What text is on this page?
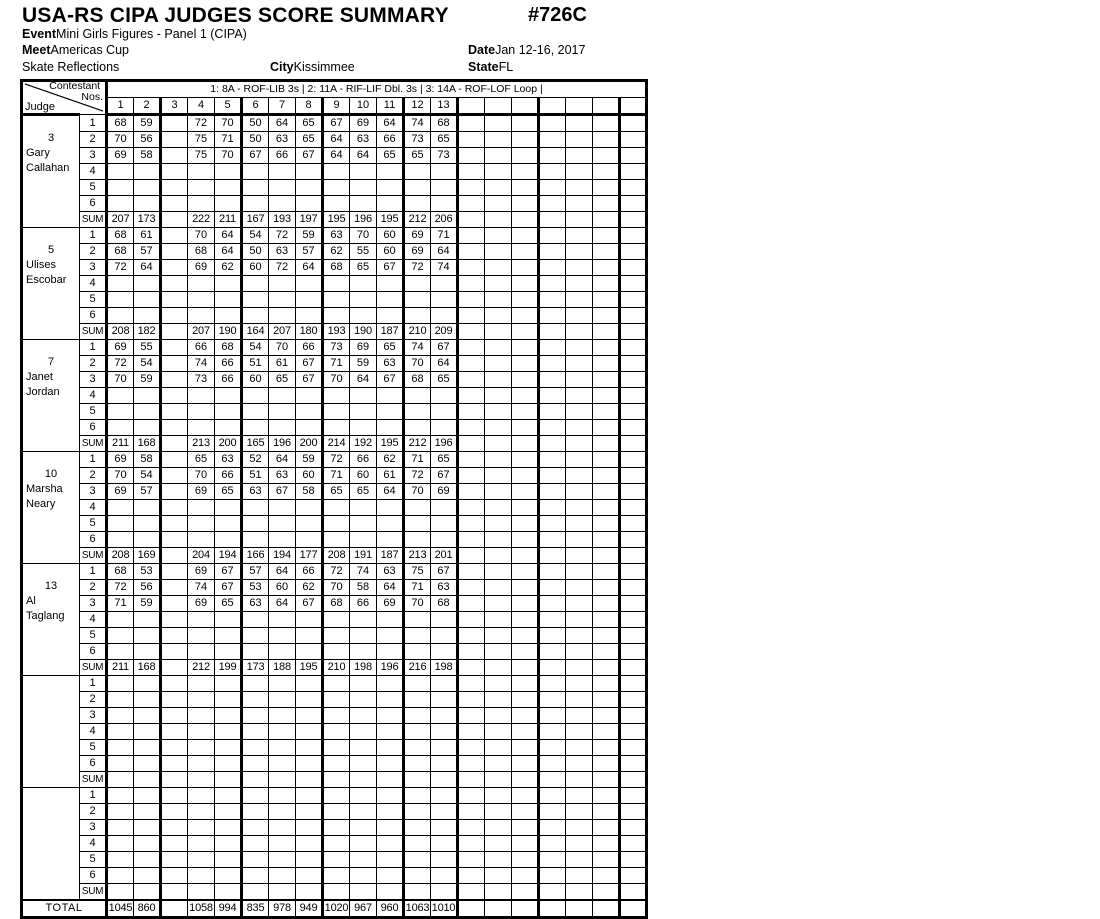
USA-RS CIPA JUDGES SCORE SUMMARY	#726C
EventMini Girls Figures - Panel 1 (CIPA)
MeetAmericas Cup
Skate Reflections	CityKissimmee
DateJan 12-16, 2017
StateFL
Contestant
Judge
Nos.		1: 8A - ROF-LIB 3s | 2: 11A - RIF-LIF Dbl. 3s | 3: 14A - ROF-LOF Loop |																			
		1	2	3	4	5	6	7	8	9	10	11	12	13							

3
Gary
Callahan	1	68	59		72	70	50	64	65	67	69	64	74	68							
	2	70	56		75	71	50	63	65	64	63	66	73	65							
	3	69	58		75	70	67	66	67	64	64	65	65	73							
	4																				
	5																				
	6																				
	SUM	207	173		222	211	167	193	197	195	196	195	212	206							

5
Ulises
Escobar	1	68	61		70	64	54	72	59	63	70	60	69	71							
	2	68	57		68	64	50	63	57	62	55	60	69	64							
	3	72	64		69	62	60	72	64	68	65	67	72	74							
	4																				
	5																				
	6																				
	SUM	208	182		207	190	164	207	180	193	190	187	210	209							

7
Janet
Jordan	1	69	55		66	68	54	70	66	73	69	65	74	67							
	2	72	54		74	66	51	61	67	71	59	63	70	64							
	3	70	59		73	66	60	65	67	70	64	67	68	65							
	4																				
	5																				
	6																				
	SUM	211	168		213	200	165	196	200	214	192	195	212	196							

10
Marsha
Neary	1	69	58		65	63	52	64	59	72	66	62	71	65							
	2	70	54		70	66	51	63	60	71	60	61	72	67							
	3	69	57		69	65	63	67	58	65	65	64	70	69							
	4																				
	5																				
	6																				
	SUM	208	169		204	194	166	194	177	208	191	187	213	201							

13
Al
Taglang	1	68	53		69	67	57	64	66	72	74	63	75	67							
	2	72	56		74	67	53	60	62	70	58	64	71	63							
	3	71	59		69	65	63	64	67	68	66	69	70	68							
	4																				
	5																				
	6																				
	SUM	211	168		212	199	173	188	195	210	198	196	216	198							

	1																				
	2																				
	3																				
	4																				
	5																				
	6																				
	SUM																				

	1																				
	2																				
	3																				
	4																				
	5																				
	6																				
	SUM																				
TOTAL		1045	860		1058	994	835	978	949	1020	967	960	1063	1010							
